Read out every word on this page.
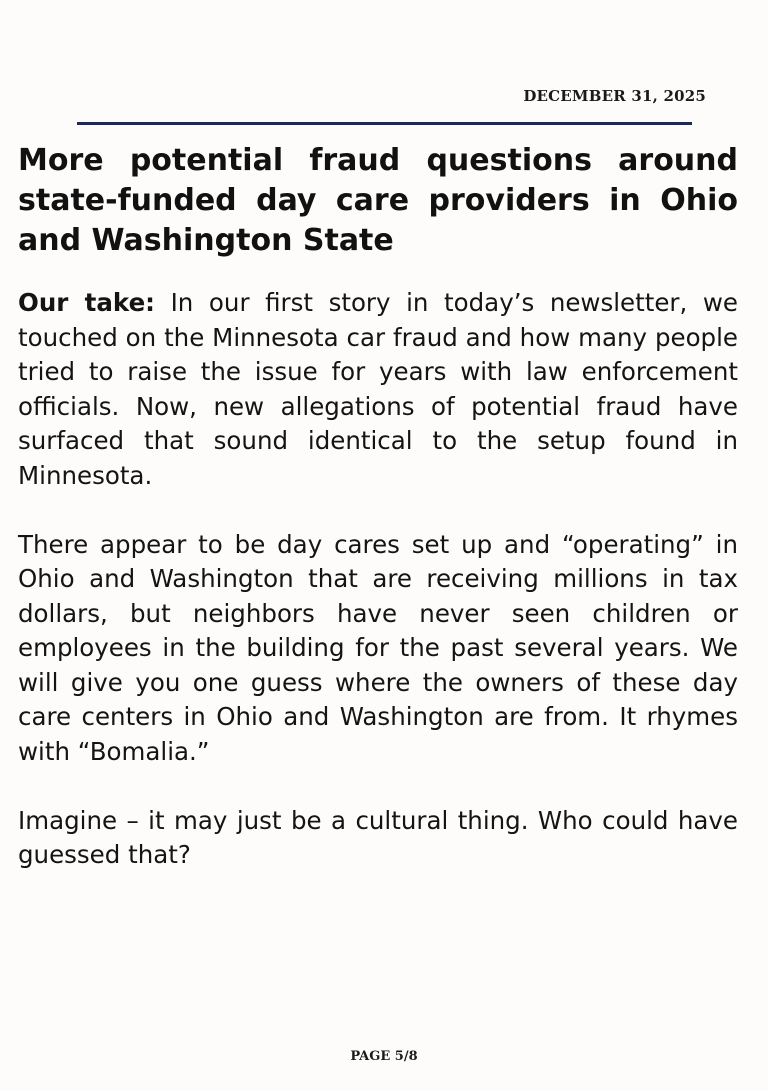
DECEMBER 31, 2025
More potential fraud questions around state-funded day care providers in Ohio and Washington State

Our take: In our first story in today’s newsletter, we touched on the Minnesota car fraud and how many people tried to raise the issue for years with law enforcement officials. Now, new allegations of potential fraud have surfaced that sound identical to the setup found in Minnesota.

There appear to be day cares set up and “operating” in Ohio and Washington that are receiving millions in tax dollars, but neighbors have never seen children or employees in the building for the past several years. We will give you one guess where the owners of these day care centers in Ohio and Washington are from. It rhymes with “Bomalia.”

Imagine – it may just be a cultural thing. Who could have guessed that?

PAGE 5/8
